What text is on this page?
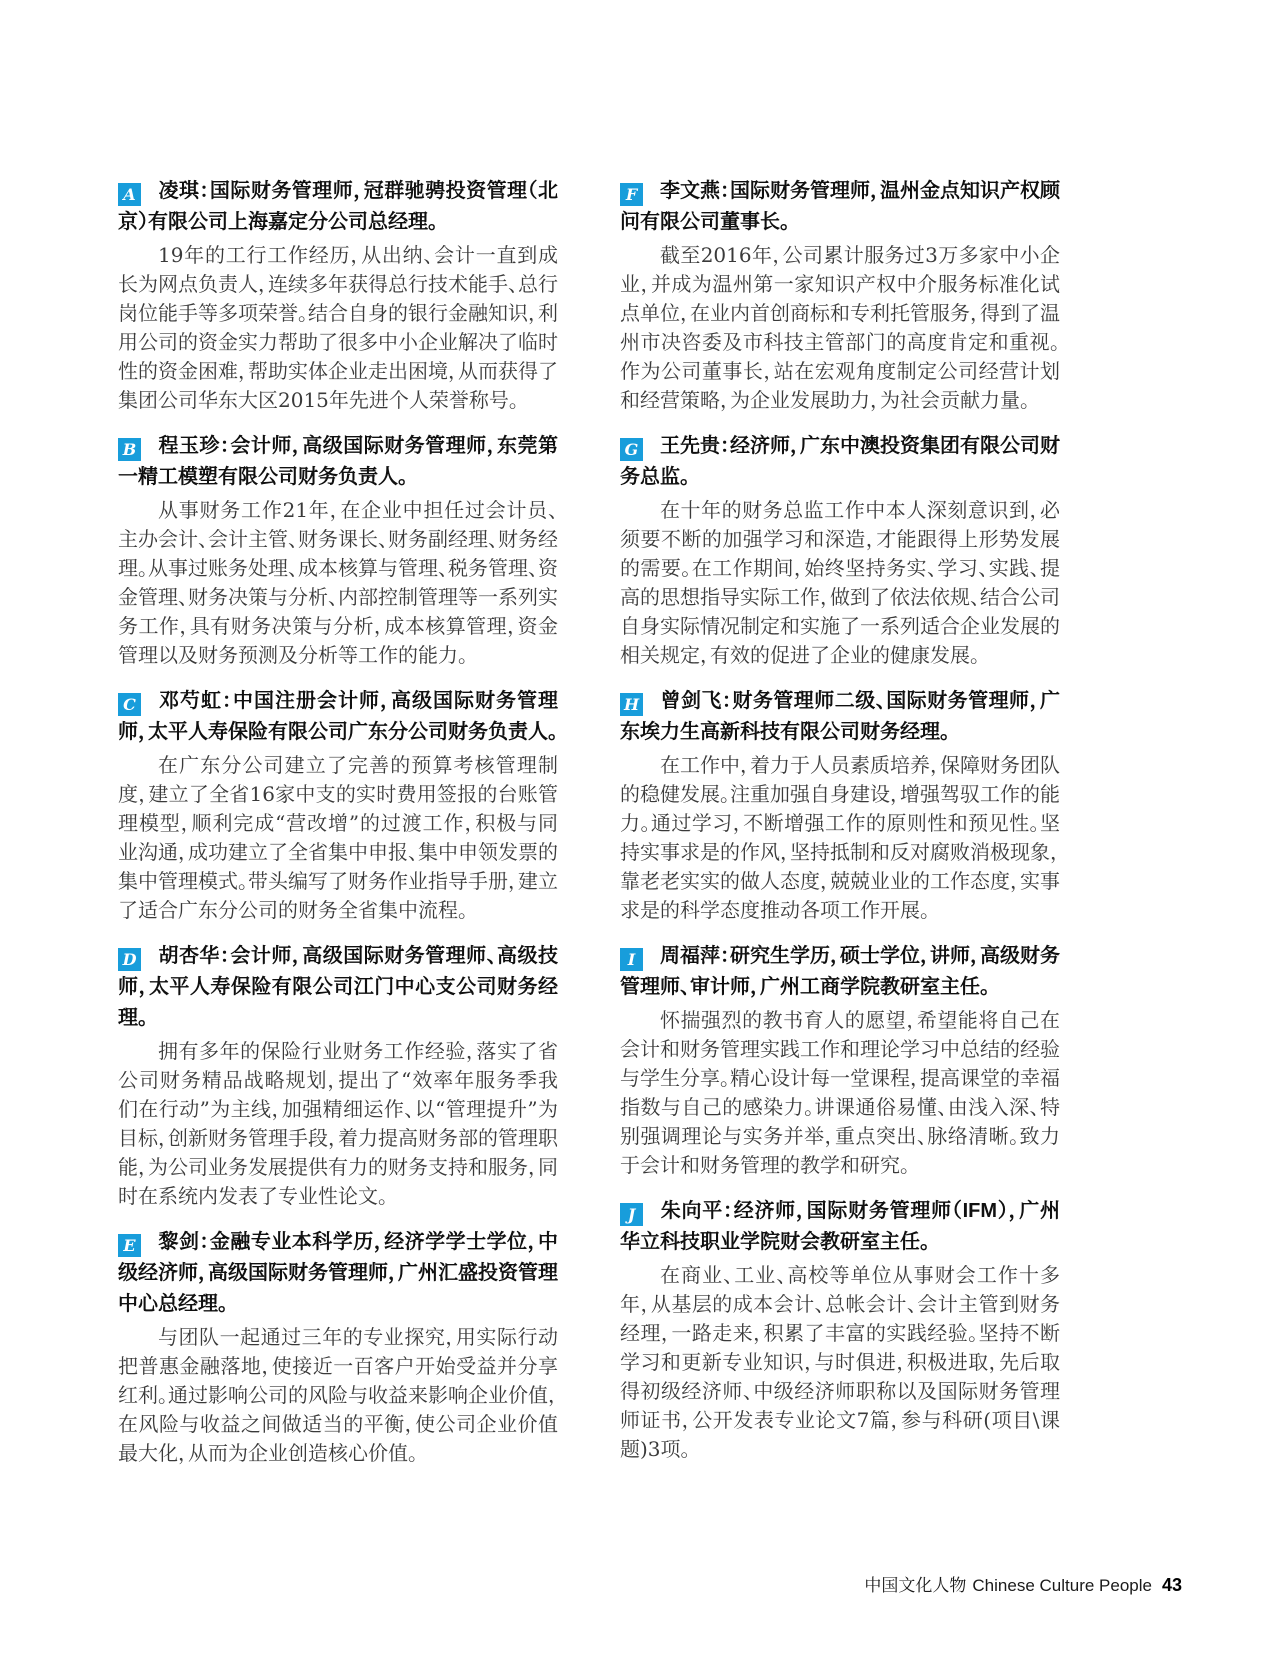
A 凌琪：国际财务管理师，冠群驰骋投资管理（北京）有限公司上海嘉定分公司总经理。

19年的工行工作经历，从出纳、会计一直到成长为网点负责人，连续多年获得总行技术能手、总行岗位能手等多项荣誉。结合自身的银行金融知识，利用公司的资金实力帮助了很多中小企业解决了临时性的资金困难，帮助实体企业走出困境，从而获得了集团公司华东大区2015年先进个人荣誉称号。

B 程玉珍：会计师，高级国际财务管理师，东莞第一精工模塑有限公司财务负责人。

从事财务工作21年，在企业中担任过会计员、主办会计、会计主管、财务课长、财务副经理、财务经理。从事过账务处理、成本核算与管理、税务管理、资金管理、财务决策与分析、内部控制管理等一系列实务工作，具有财务决策与分析，成本核算管理，资金管理以及财务预测及分析等工作的能力。

C 邓芍虹：中国注册会计师，高级国际财务管理师，太平人寿保险有限公司广东分公司财务负责人。

在广东分公司建立了完善的预算考核管理制度，建立了全省16家中支的实时费用签报的台账管理模型，顺利完成“营改增”的过渡工作，积极与同业沟通，成功建立了全省集中申报、集中申领发票的集中管理模式。带头编写了财务作业指导手册，建立了适合广东分公司的财务全省集中流程。

D 胡杏华：会计师，高级国际财务管理师、高级技师，太平人寿保险有限公司江门中心支公司财务经理。

拥有多年的保险行业财务工作经验，落实了省公司财务精品战略规划，提出了“效率年服务季我们在行动”为主线，加强精细运作、以“管理提升”为目标，创新财务管理手段，着力提高财务部的管理职能，为公司业务发展提供有力的财务支持和服务，同时在系统内发表了专业性论文。

E 黎剑：金融专业本科学历，经济学学士学位，中级经济师，高级国际财务管理师，广州汇盛投资管理中心总经理。

与团队一起通过三年的专业探究，用实际行动把普惠金融落地，使接近一百客户开始受益并分享红利。通过影响公司的风险与收益来影响企业价值，在风险与收益之间做适当的平衡，使公司企业价值最大化，从而为企业创造核心价值。

F 李文燕：国际财务管理师，温州金点知识产权顾问有限公司董事长。

截至2016年，公司累计服务过3万多家中小企业，并成为温州第一家知识产权中介服务标准化试点单位，在业内首创商标和专利托管服务，得到了温州市决咨委及市科技主管部门的高度肯定和重视。作为公司董事长，站在宏观角度制定公司经营计划和经营策略，为企业发展助力，为社会贡献力量。

G 王先贵：经济师，广东中澳投资集团有限公司财务总监。

在十年的财务总监工作中本人深刻意识到，必须要不断的加强学习和深造，才能跟得上形势发展的需要。在工作期间，始终坚持务实、学习、实践、提高的思想指导实际工作，做到了依法依规、结合公司自身实际情况制定和实施了一系列适合企业发展的相关规定，有效的促进了企业的健康发展。

H 曾剑飞：财务管理师二级、国际财务管理师，广东埃力生高新科技有限公司财务经理。

在工作中，着力于人员素质培养，保障财务团队的稳健发展。注重加强自身建设，增强驾驭工作的能力。通过学习，不断增强工作的原则性和预见性。坚持实事求是的作风，坚持抵制和反对腐败消极现象，靠老老实实的做人态度，兢兢业业的工作态度，实事求是的科学态度推动各项工作开展。

I 周福萍：研究生学历，硕士学位，讲师，高级财务管理师、审计师，广州工商学院教研室主任。

怀揣强烈的教书育人的愿望，希望能将自己在会计和财务管理实践工作和理论学习中总结的经验与学生分享。精心设计每一堂课程，提高课堂的幸福指数与自己的感染力。讲课通俗易懂、由浅入深、特别强调理论与实务并举，重点突出、脉络清晰。致力于会计和财务管理的教学和研究。

J 朱向平：经济师，国际财务管理师（IFM），广州华立科技职业学院财会教研室主任。

在商业、工业、高校等单位从事财会工作十多年，从基层的成本会计、总帐会计、会计主管到财务经理，一路走来，积累了丰富的实践经验。坚持不断学习和更新专业知识，与时俱进，积极进取，先后取得初级经济师、中级经济师职称以及国际财务管理师证书，公开发表专业论文7篇，参与科研(项目\课题)3项。

中国文化人物 Chinese Culture People 43
